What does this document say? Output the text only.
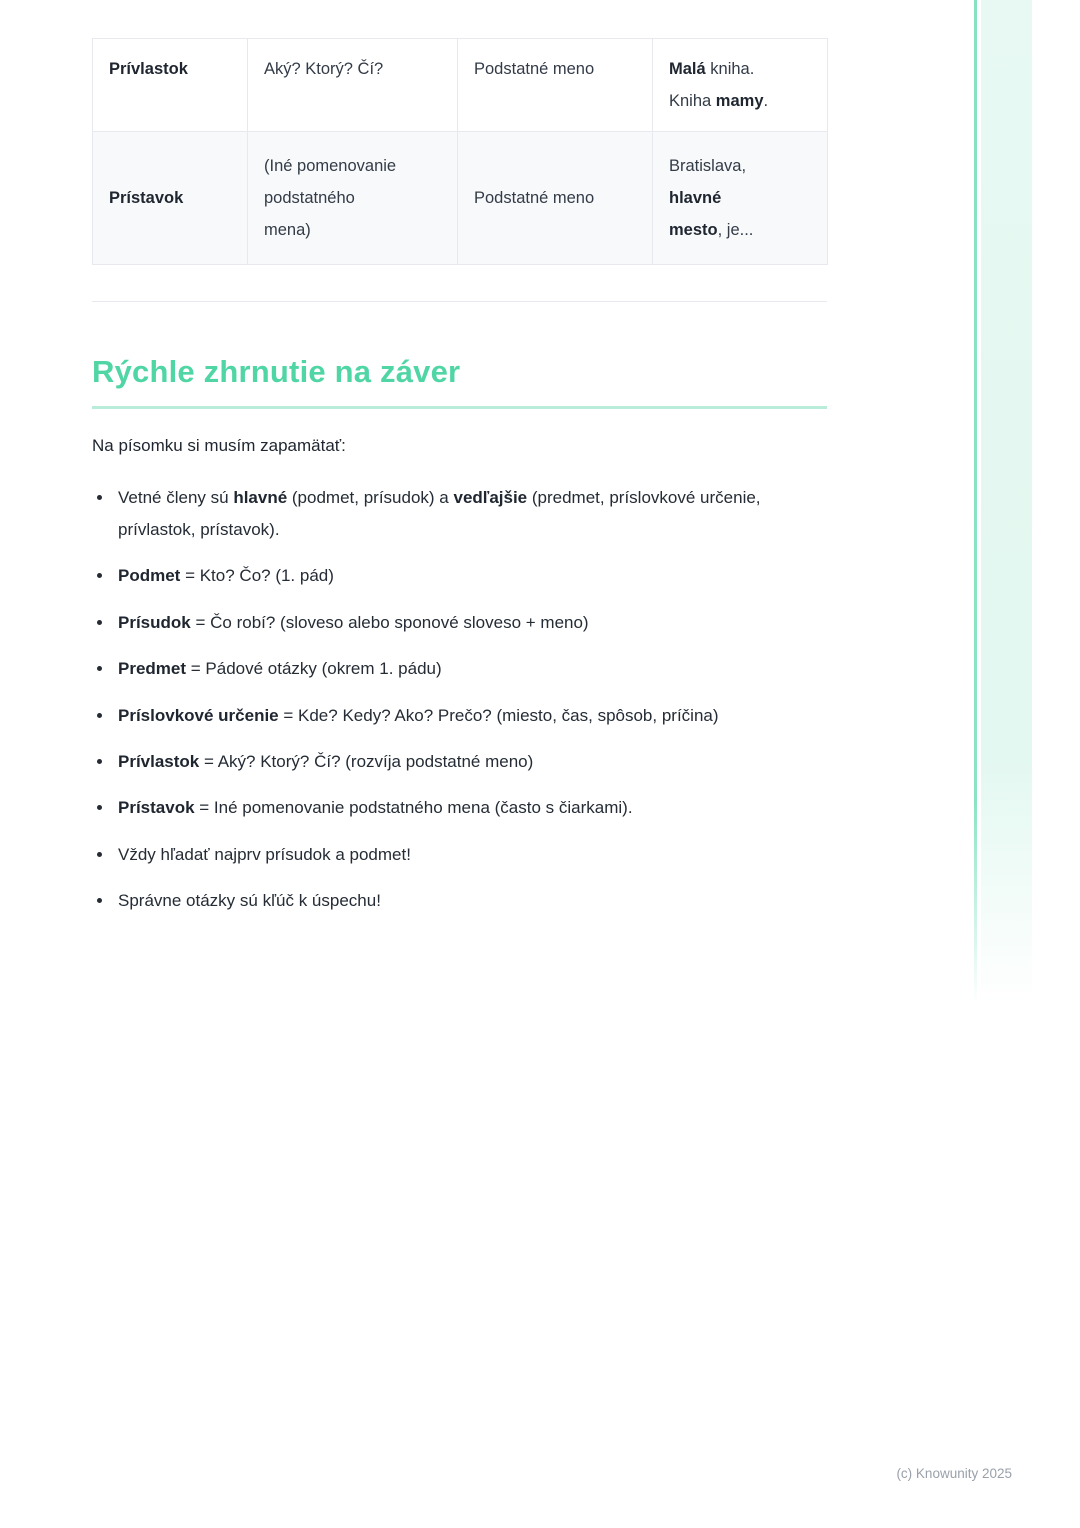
Prívlastok	Aký? Ktorý? Čí?	Podstatné meno	Malá kniha.
Kniha mamy.
Prístavok	(Iné pomenovanie
podstatného
mena)	Podstatné meno	Bratislava,
hlavné
mesto, je...
Rýchle zhrnutie na záver

Na písomku si musím zapamätať:

• Vetné členy sú hlavné (podmet, prísudok) a vedľajšie (predmet, príslovkové určenie, prívlastok, prístavok).
• Podmet = Kto? Čo? (1. pád)
• Prísudok = Čo robí? (sloveso alebo sponové sloveso + meno)
• Predmet = Pádové otázky (okrem 1. pádu)
• Príslovkové určenie = Kde? Kedy? Ako? Prečo? (miesto, čas, spôsob, príčina)
• Prívlastok = Aký? Ktorý? Čí? (rozvíja podstatné meno)
• Prístavok = Iné pomenovanie podstatného mena (často s čiarkami).
• Vždy hľadať najprv prísudok a podmet!
• Správne otázky sú kľúč k úspechu!
(c) Knowunity 2025
